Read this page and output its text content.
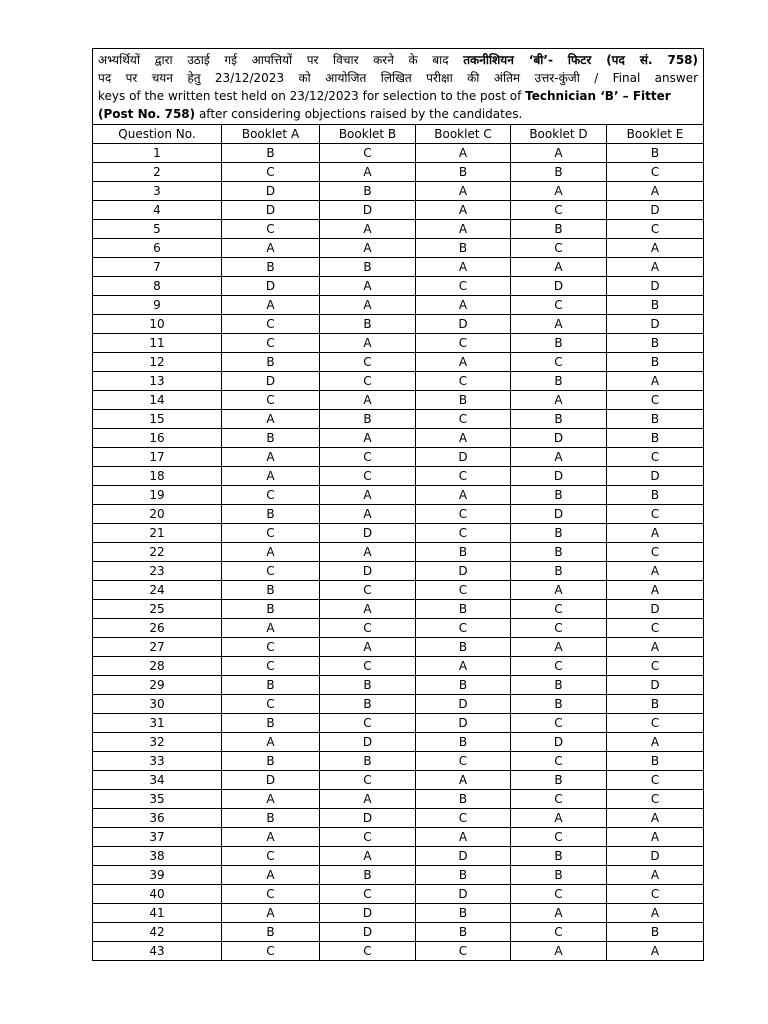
अभ्यर्थियों द्वारा उठाई गई आपत्तियों पर विचार करने के बाद तकनीशियन ‘बी’- फिटर (पद सं. 758)
पद पर चयन हेतु 23/12/2023 को आयोजित लिखित परीक्षा की अंतिम उत्तर-कुंजी / Final answer
keys of the written test held on 23/12/2023 for selection to the post of Technician ‘B’ – Fitter
(Post No. 758) after considering objections raised by the candidates.					

Question No.	Booklet A	Booklet B	Booklet C	Booklet D	Booklet E
1	B	C	A	A	B
2	C	A	B	B	C
3	D	B	A	A	A
4	D	D	A	C	D
5	C	A	A	B	C
6	A	A	B	C	A
7	B	B	A	A	A
8	D	A	C	D	D
9	A	A	A	C	B
10	C	B	D	A	D
11	C	A	C	B	B
12	B	C	A	C	B
13	D	C	C	B	A
14	C	A	B	A	C
15	A	B	C	B	B
16	B	A	A	D	B
17	A	C	D	A	C
18	A	C	C	D	D
19	C	A	A	B	B
20	B	A	C	D	C
21	C	D	C	B	A
22	A	A	B	B	C
23	C	D	D	B	A
24	B	C	C	A	A
25	B	A	B	C	D
26	A	C	C	C	C
27	C	A	B	A	A
28	C	C	A	C	C
29	B	B	B	B	D
30	C	B	D	B	B
31	B	C	D	C	C
32	A	D	B	D	A
33	B	B	C	C	B
34	D	C	A	B	C
35	A	A	B	C	C
36	B	D	C	A	A
37	A	C	A	C	A
38	C	A	D	B	D
39	A	B	B	B	A
40	C	C	D	C	C
41	A	D	B	A	A
42	B	D	B	C	B
43	C	C	C	A	A
